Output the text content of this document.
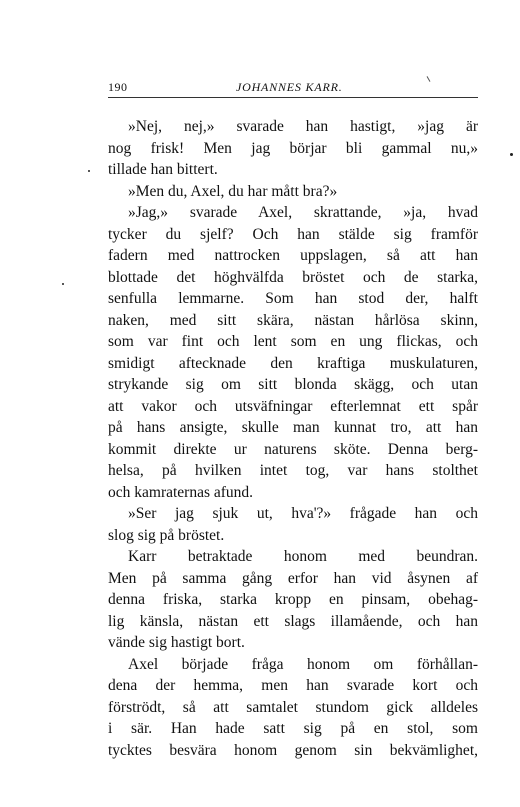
190	JOHANNES KARR.
»Nej, nej,» svarade han hastigt, »jag är
nog frisk! Men jag börjar bli gammal nu,»
tillade han bittert.
»Men du, Axel, du har mått bra?»
»Jag,» svarade Axel, skrattande, »ja, hvad
tycker du sjelf? Och han stälde sig framför
fadern med nattrocken uppslagen, så att han
blottade det höghvälfda bröstet och de starka,
senfulla lemmarne. Som han stod der, halft
naken, med sitt skära, nästan hårlösa skinn,
som var fint och lent som en ung flickas, och
smidigt aftecknade den kraftiga muskulaturen,
strykande sig om sitt blonda skägg, och utan
att vakor och utsväfningar efterlemnat ett spår
på hans ansigte, skulle man kunnat tro, att han
kommit direkte ur naturens sköte. Denna berg-
helsa, på hvilken intet tog, var hans stolthet
och kamraternas afund.
»Ser jag sjuk ut, hva'?» frågade han och
slog sig på bröstet.
Karr betraktade honom med beundran.
Men på samma gång erfor han vid åsynen af
denna friska, starka kropp en pinsam, obehag-
lig känsla, nästan ett slags illamående, och han
vände sig hastigt bort.
Axel började fråga honom om förhållan-
dena der hemma, men han svarade kort och
förströdt, så att samtalet stundom gick alldeles
i sär. Han hade satt sig på en stol, som
tycktes besvära honom genom sin bekvämlighet,
